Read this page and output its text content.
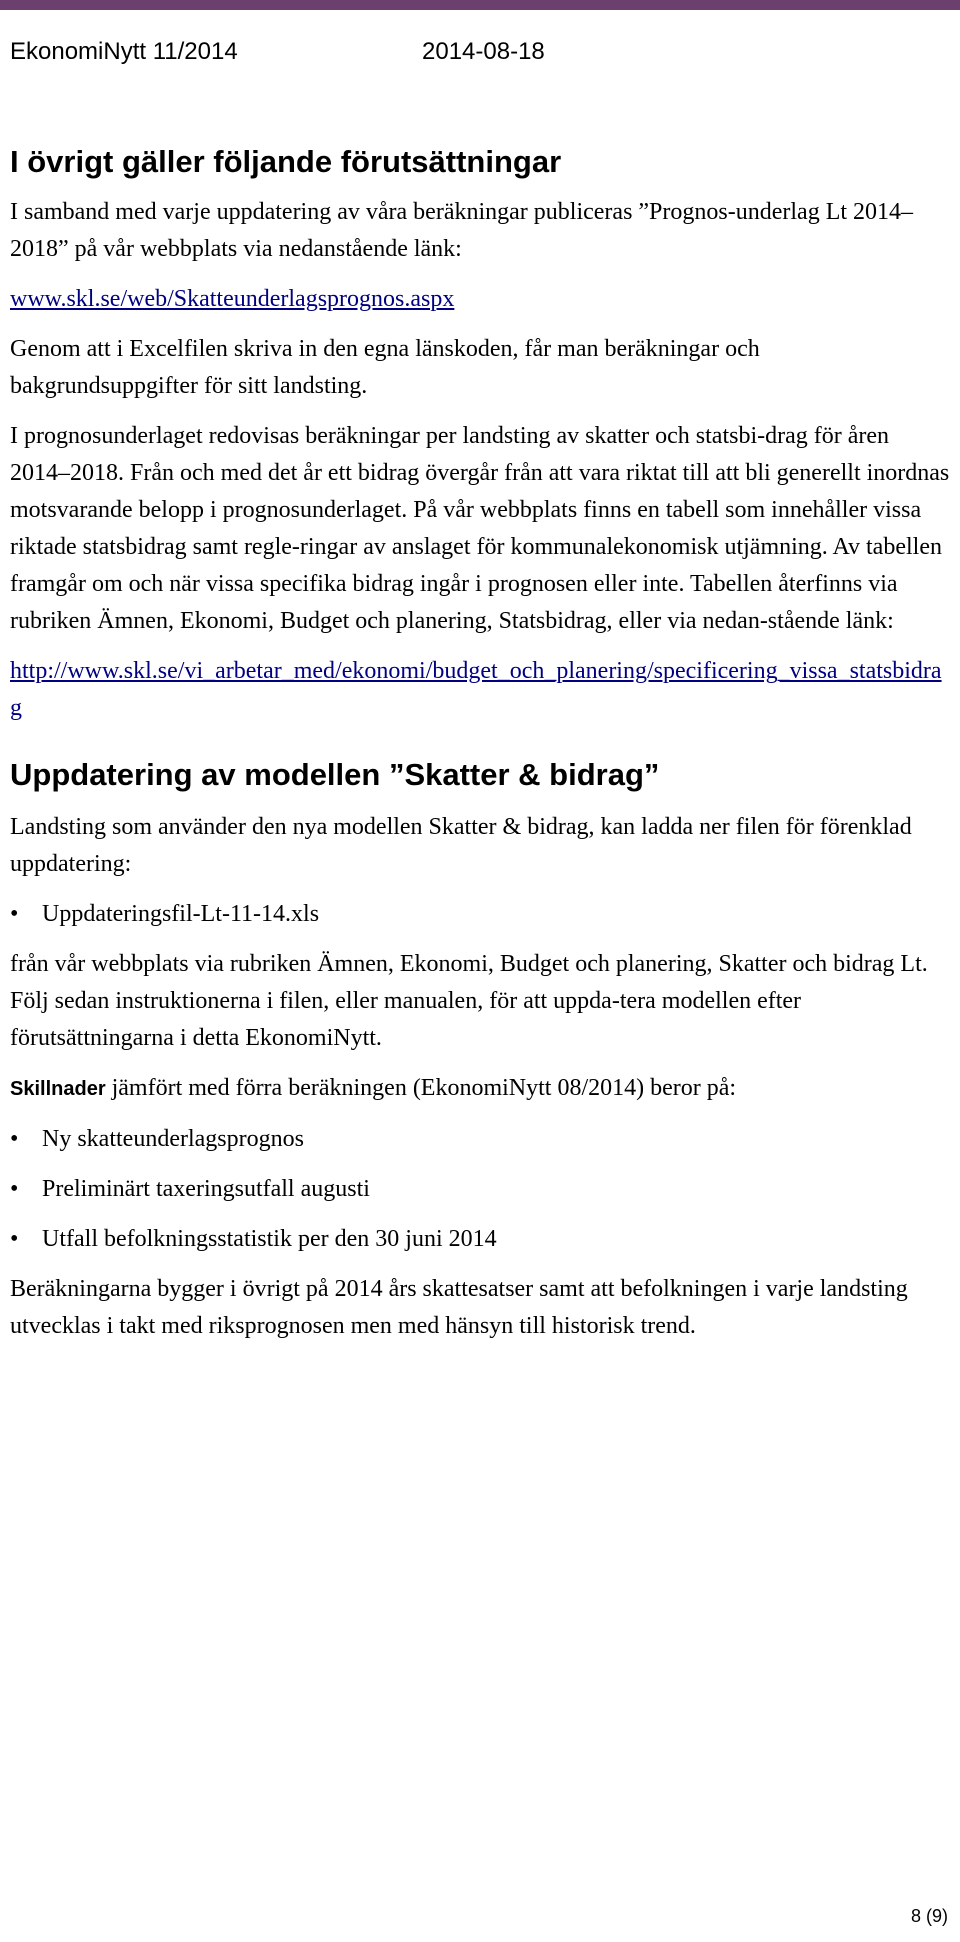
EkonomiNytt 11/2014	2014-08-18
I övrigt gäller följande förutsättningar

I samband med varje uppdatering av våra beräkningar publiceras ”Prognos-underlag Lt 2014–2018” på vår webbplats via nedanstående länk:

www.skl.se/web/Skatteunderlagsprognos.aspx

Genom att i Excelfilen skriva in den egna länskoden, får man beräkningar och bakgrundsuppgifter för sitt landsting.

I prognosunderlaget redovisas beräkningar per landsting av skatter och statsbi-drag för åren 2014–2018. Från och med det år ett bidrag övergår från att vara riktat till att bli generellt inordnas motsvarande belopp i prognosunderlaget. På vår webbplats finns en tabell som innehåller vissa riktade statsbidrag samt regle-ringar av anslaget för kommunalekonomisk utjämning. Av tabellen framgår om och när vissa specifika bidrag ingår i prognosen eller inte. Tabellen återfinns via rubriken Ämnen, Ekonomi, Budget och planering, Statsbidrag, eller via nedan-stående länk:

http://www.skl.se/vi_arbetar_med/ekonomi/budget_och_planering/specificering_vissa_statsbidrag
Uppdatering av modellen ”Skatter & bidrag”

Landsting som använder den nya modellen Skatter & bidrag, kan ladda ner filen för förenklad uppdatering:

• Uppdateringsfil-Lt-11-14.xls

från vår webbplats via rubriken Ämnen, Ekonomi, Budget och planering, Skatter och bidrag Lt. Följ sedan instruktionerna i filen, eller manualen, för att uppda-tera modellen efter förutsättningarna i detta EkonomiNytt.

Skillnader jämfört med förra beräkningen (EkonomiNytt 08/2014) beror på:

• Ny skatteunderlagsprognos
• Preliminärt taxeringsutfall augusti
• Utfall befolkningsstatistik per den 30 juni 2014

Beräkningarna bygger i övrigt på 2014 års skattesatser samt att befolkningen i varje landsting utvecklas i takt med riksprognosen men med hänsyn till historisk trend.

8 (9)
